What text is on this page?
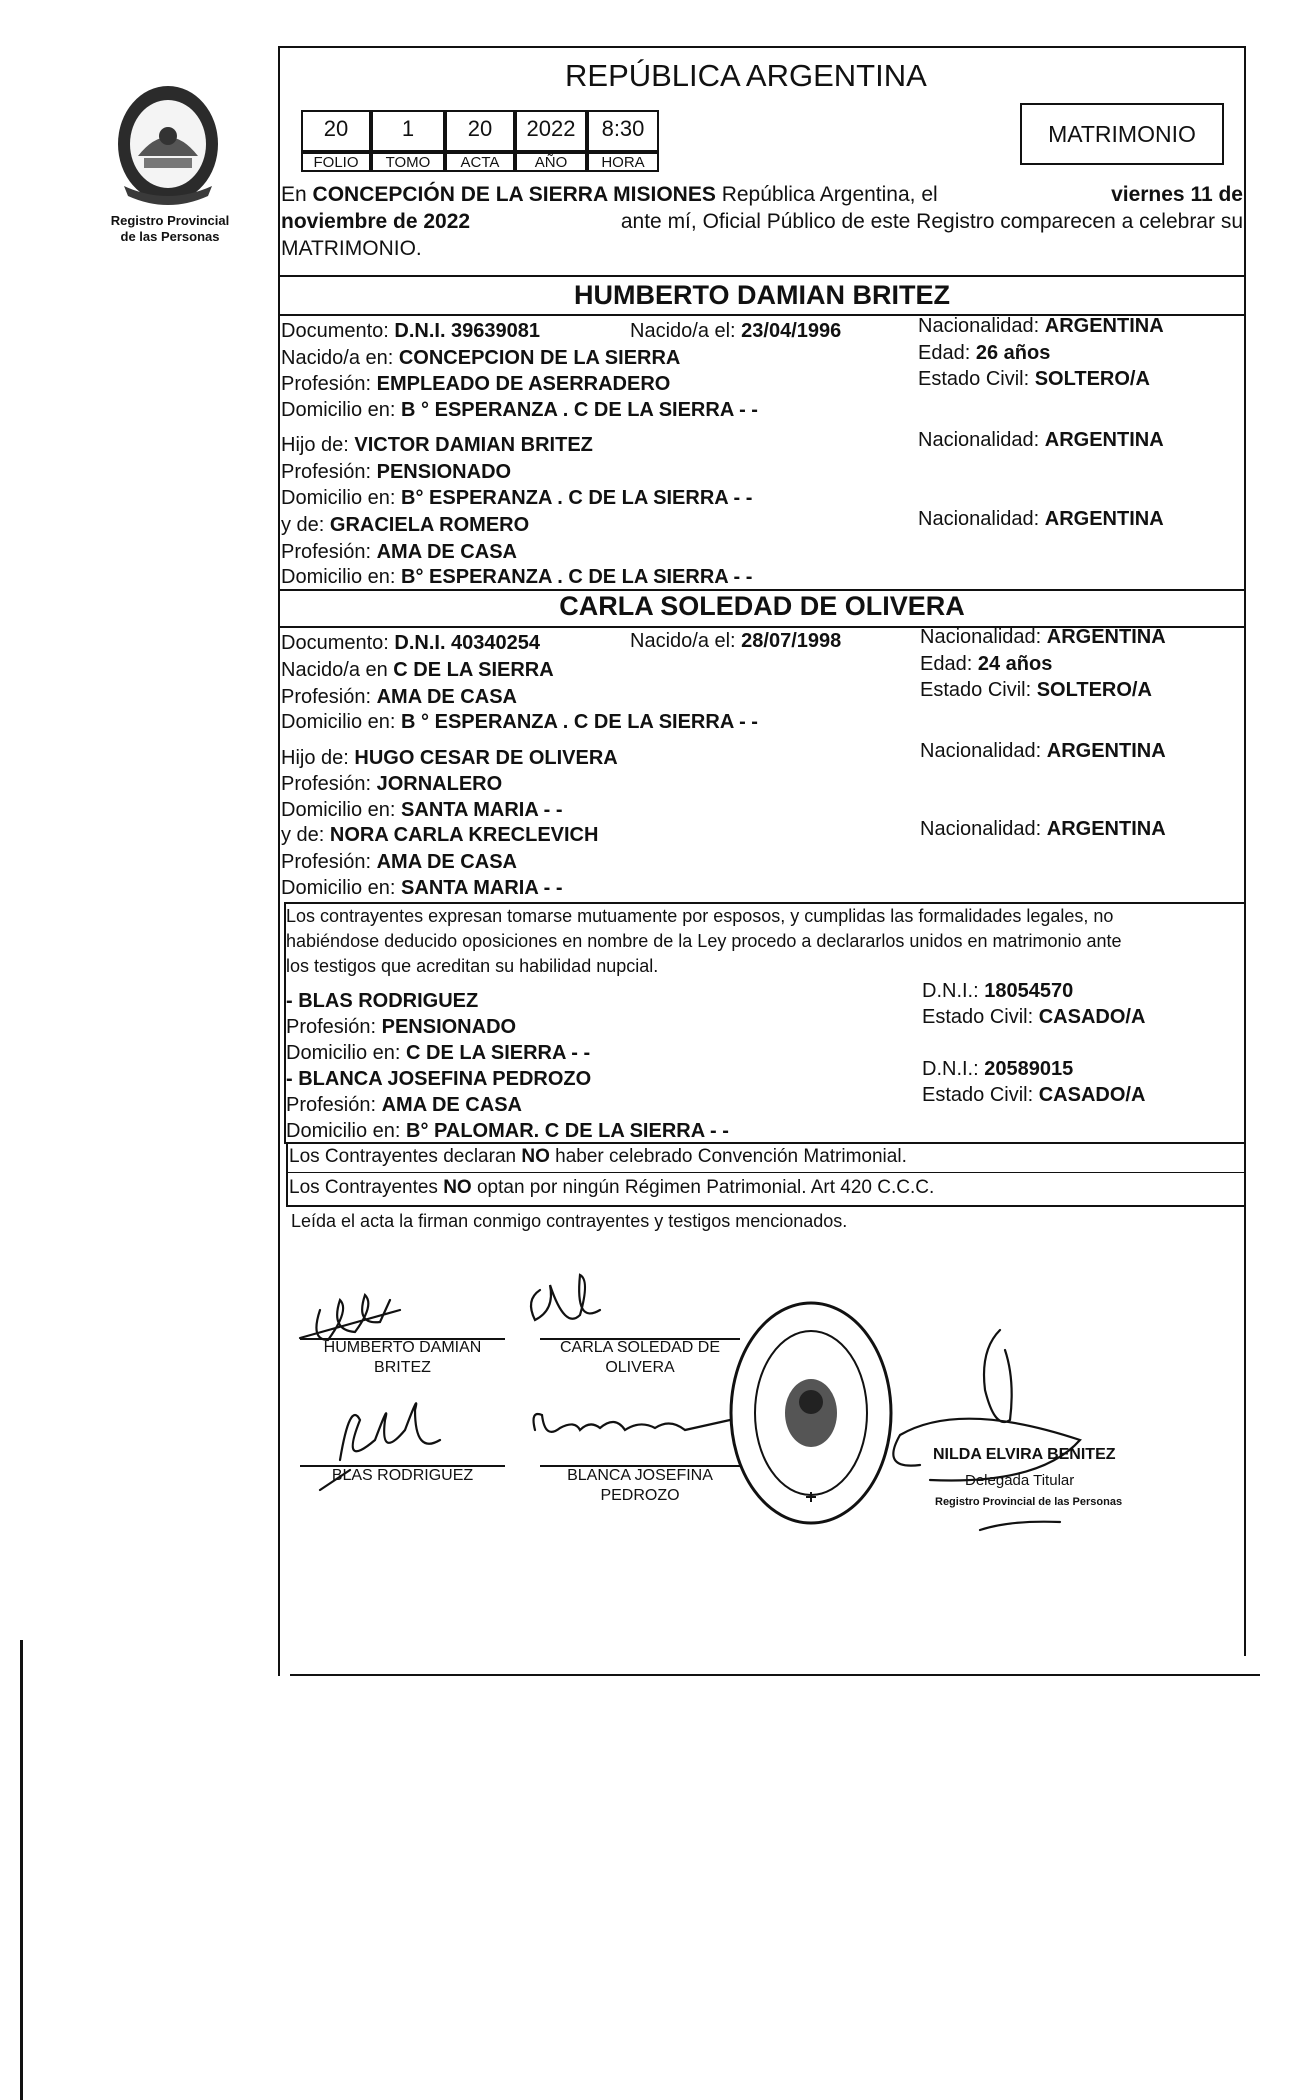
Registro Provincial
de las Personas
REPÚBLICA ARGENTINA
20	1	20	2022	8:30
FOLIO	TOMO	ACTA	AÑO	HORA
MATRIMONIO
En CONCEPCIÓN DE LA SIERRA MISIONES República Argentina, el	viernes 11 de
noviembre de 2022	ante mí, Oficial Público de este Registro comparecen a celebrar su
MATRIMONIO.
HUMBERTO DAMIAN BRITEZ
Documento: D.N.I. 39639081	Nacido/a el: 23/04/1996	Nacionalidad: ARGENTINA
Nacido/a en: CONCEPCION DE LA SIERRA	Edad: 26 años
Profesión: EMPLEADO DE ASERRADERO	Estado Civil: SOLTERO/A
Domicilio en: B ° ESPERANZA . C DE LA SIERRA - -
Hijo de: VICTOR DAMIAN BRITEZ	Nacionalidad: ARGENTINA
Profesión: PENSIONADO
Domicilio en: B° ESPERANZA . C DE LA SIERRA - -
y de: GRACIELA ROMERO	Nacionalidad: ARGENTINA
Profesión: AMA DE CASA
Domicilio en: B° ESPERANZA . C DE LA SIERRA - -
CARLA SOLEDAD DE OLIVERA
Documento: D.N.I. 40340254	Nacido/a el: 28/07/1998	Nacionalidad: ARGENTINA
Nacido/a en C DE LA SIERRA	Edad: 24 años
Profesión: AMA DE CASA	Estado Civil: SOLTERO/A
Domicilio en: B ° ESPERANZA . C DE LA SIERRA - -
Hijo de: HUGO CESAR DE OLIVERA	Nacionalidad: ARGENTINA
Profesión: JORNALERO
Domicilio en: SANTA MARIA - -
y de: NORA CARLA KRECLEVICH	Nacionalidad: ARGENTINA
Profesión: AMA DE CASA
Domicilio en: SANTA MARIA - -
Los contrayentes expresan tomarse mutuamente por esposos, y cumplidas las formalidades legales, no
habiéndose deducido oposiciones en nombre de la Ley procedo a declararlos unidos en matrimonio ante
los testigos que acreditan su habilidad nupcial.
- BLAS RODRIGUEZ	D.N.I.: 18054570
Profesión: PENSIONADO	Estado Civil: CASADO/A
Domicilio en: C DE LA SIERRA - -
- BLANCA JOSEFINA PEDROZO	D.N.I.: 20589015
Profesión: AMA DE CASA	Estado Civil: CASADO/A
Domicilio en: B° PALOMAR. C DE LA SIERRA - -
Los Contrayentes declaran NO haber celebrado Convención Matrimonial.
Los Contrayentes NO optan por ningún Régimen Patrimonial. Art 420 C.C.C.
Leída el acta la firman conmigo contrayentes y testigos mencionados.
HUMBERTO DAMIAN
BRITEZ
CARLA SOLEDAD DE
OLIVERA
BLAS RODRIGUEZ	BLANCA JOSEFINA
PEDROZO
NILDA ELVIRA BENITEZ
Delegada Titular
Registro Provincial de las Personas
